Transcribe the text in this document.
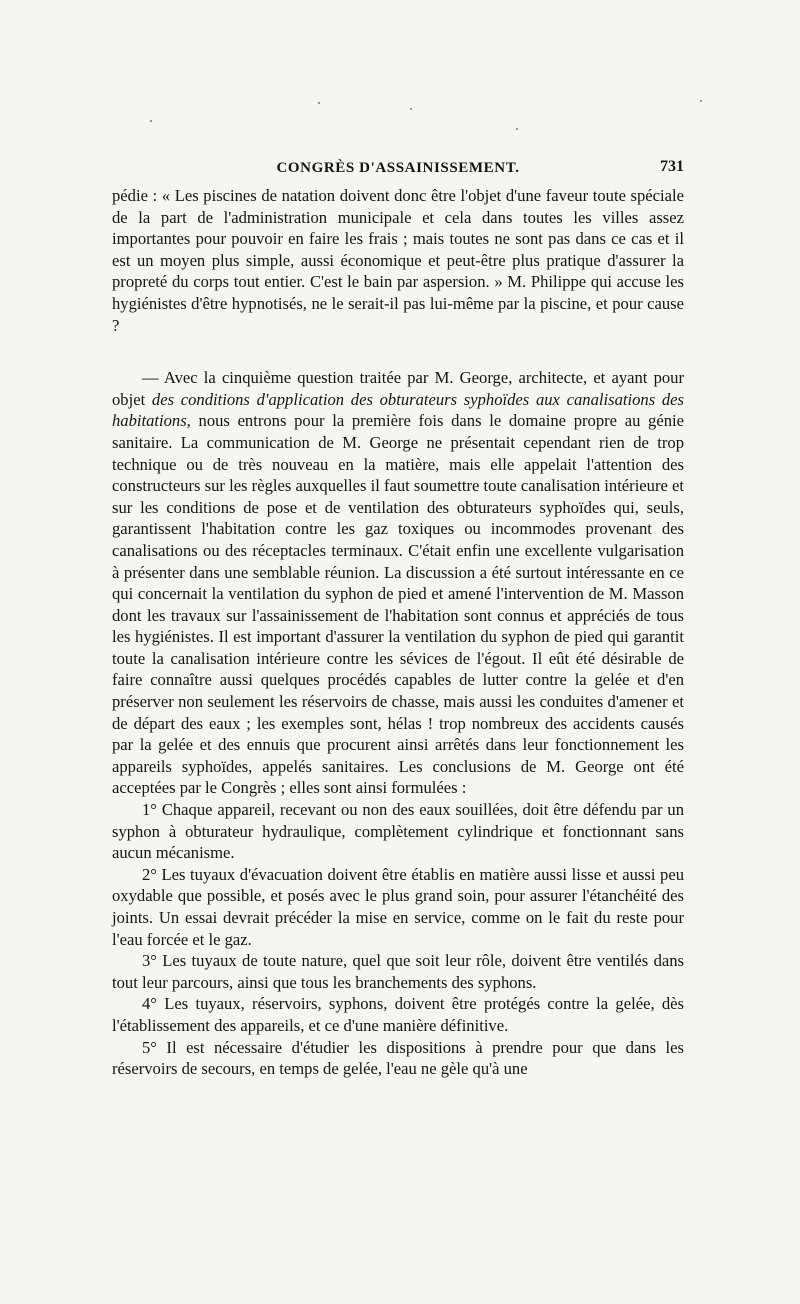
CONGRÈS D'ASSAINISSEMENT.	731

pédie : « Les piscines de natation doivent donc être l'objet d'une faveur toute spéciale de la part de l'administration municipale et cela dans toutes les villes assez importantes pour pouvoir en faire les frais ; mais toutes ne sont pas dans ce cas et il est un moyen plus simple, aussi économique et peut-être plus pratique d'assurer la propreté du corps tout entier. C'est le bain par aspersion. » M. Philippe qui accuse les hygiénistes d'être hypnotisés, ne le serait-il pas lui-même par la piscine, et pour cause ?

— Avec la cinquième question traitée par M. George, architecte, et ayant pour objet des conditions d'application des obturateurs syphoïdes aux canalisations des habitations, nous entrons pour la première fois dans le domaine propre au génie sanitaire. La communication de M. George ne présentait cependant rien de trop technique ou de très nouveau en la matière, mais elle appelait l'attention des constructeurs sur les règles auxquelles il faut soumettre toute canalisation intérieure et sur les conditions de pose et de ventilation des obturateurs syphoïdes qui, seuls, garantissent l'habitation contre les gaz toxiques ou incommodes provenant des canalisations ou des réceptacles terminaux. C'était enfin une excellente vulgarisation à présenter dans une semblable réunion. La discussion a été surtout intéressante en ce qui concernait la ventilation du syphon de pied et amené l'intervention de M. Masson dont les travaux sur l'assainissement de l'habitation sont connus et appréciés de tous les hygiénistes. Il est important d'assurer la ventilation du syphon de pied qui garantit toute la canalisation intérieure contre les sévices de l'égout. Il eût été désirable de faire connaître aussi quelques procédés capables de lutter contre la gelée et d'en préserver non seulement les réservoirs de chasse, mais aussi les conduites d'amener et de départ des eaux ; les exemples sont, hélas ! trop nombreux des accidents causés par la gelée et des ennuis que procurent ainsi arrêtés dans leur fonctionnement les appareils syphoïdes, appelés sanitaires. Les conclusions de M. George ont été acceptées par le Congrès ; elles sont ainsi formulées :

1° Chaque appareil, recevant ou non des eaux souillées, doit être défendu par un syphon à obturateur hydraulique, complètement cylindrique et fonctionnant sans aucun mécanisme.

2° Les tuyaux d'évacuation doivent être établis en matière aussi lisse et aussi peu oxydable que possible, et posés avec le plus grand soin, pour assurer l'étanchéité des joints. Un essai devrait précéder la mise en service, comme on le fait du reste pour l'eau forcée et le gaz.

3° Les tuyaux de toute nature, quel que soit leur rôle, doivent être ventilés dans tout leur parcours, ainsi que tous les branchements des syphons.

4° Les tuyaux, réservoirs, syphons, doivent être protégés contre la gelée, dès l'établissement des appareils, et ce d'une manière définitive.

5° Il est nécessaire d'étudier les dispositions à prendre pour que dans les réservoirs de secours, en temps de gelée, l'eau ne gèle qu'à une
